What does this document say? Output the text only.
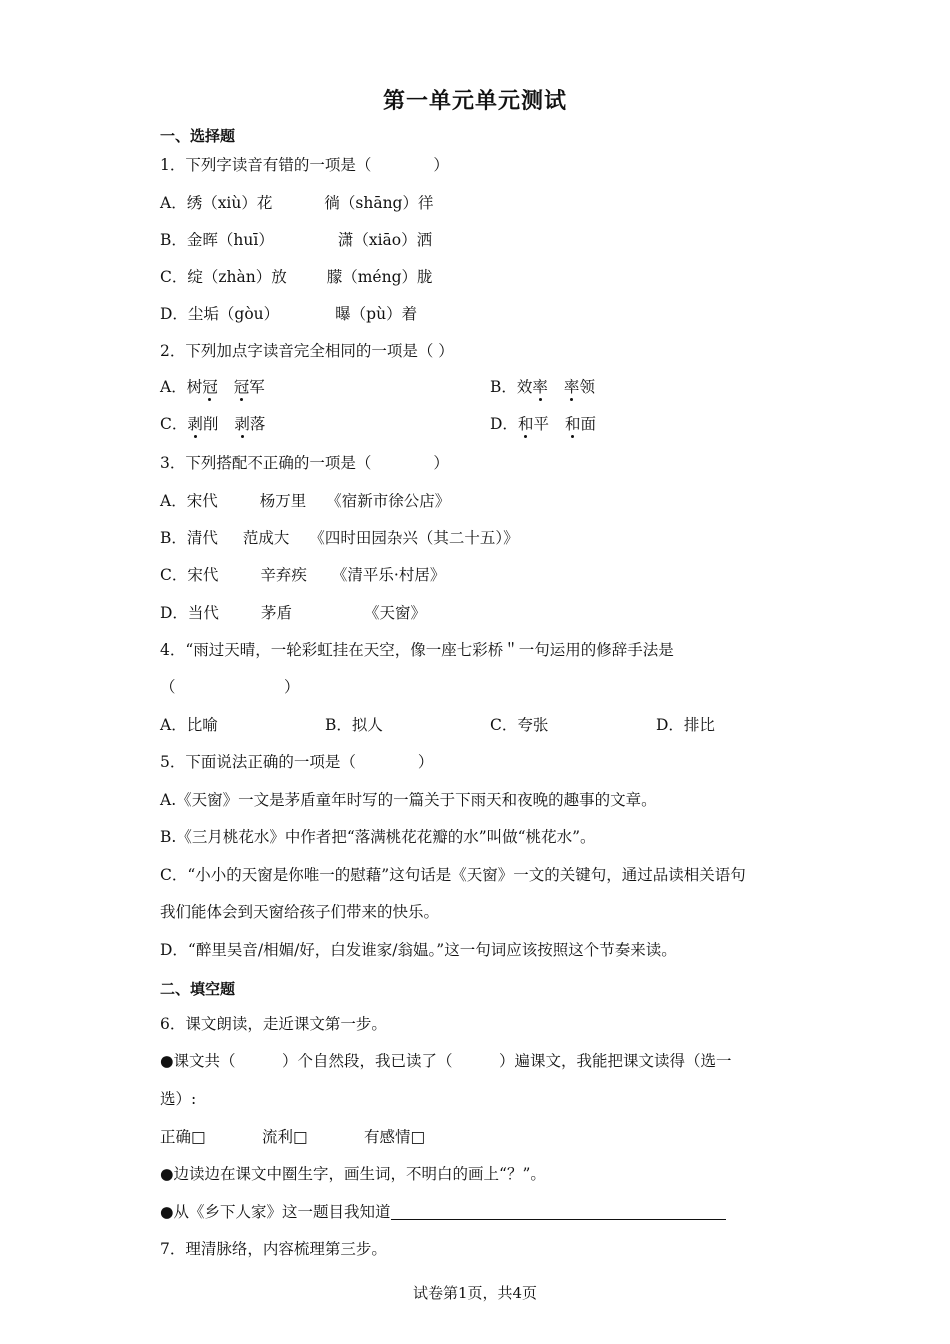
第一单元单元测试
一、选择题
1．下列字读音有错的一项是（　　　　）
A．绣（xiù）花	徜（shāng）徉
B．金晖（huī）	潇（xiāo）洒
C．绽（zhàn）放	朦（méng）胧
D．尘垢（gòu）	曝（pù）着
2．下列加点字读音完全相同的一项是（ ）
A．树冠 冠军	B．效率 率领
C．剥削 剥落	D．和平 和面
3．下列搭配不正确的一项是（　　　　）
A．宋代	杨万里 《宿新市徐公店》
B．清代 范成大 《四时田园杂兴（其二十五）》
C．宋代	辛弃疾 《清平乐·村居》
D．当代	茅盾	《天窗》
4．“雨过天晴，一轮彩虹挂在天空，像一座七彩桥＂一句运用的修辞手法是
（　　　　　　　）
A．比喻	B．拟人	C．夸张	D．排比
5．下面说法正确的一项是（　　　　）
A.《天窗》一文是茅盾童年时写的一篇关于下雨天和夜晚的趣事的文章。
B.《三月桃花水》中作者把“落满桃花花瓣的水”叫做“桃花水”。
C．“小小的天窗是你唯一的慰藉”这句话是《天窗》一文的关键句，通过品读相关语句
我们能体会到天窗给孩子们带来的快乐。
D．“醉里吴音/相媚/好，白发谁家/翁媪。”这一句词应该按照这个节奏来读。
二、填空题
6．课文朗读，走近课文第一步。
●课文共（　　　）个自然段，我已读了（　　　）遍课文，我能把课文读得（选一
选）:
正确□	流利□	有感情□
●边读边在课文中圈生字，画生词，不明白的画上“？”。
●从《乡下人家》这一题目我知道
7．理清脉络，内容梳理第三步。
试卷第1页，共4页
